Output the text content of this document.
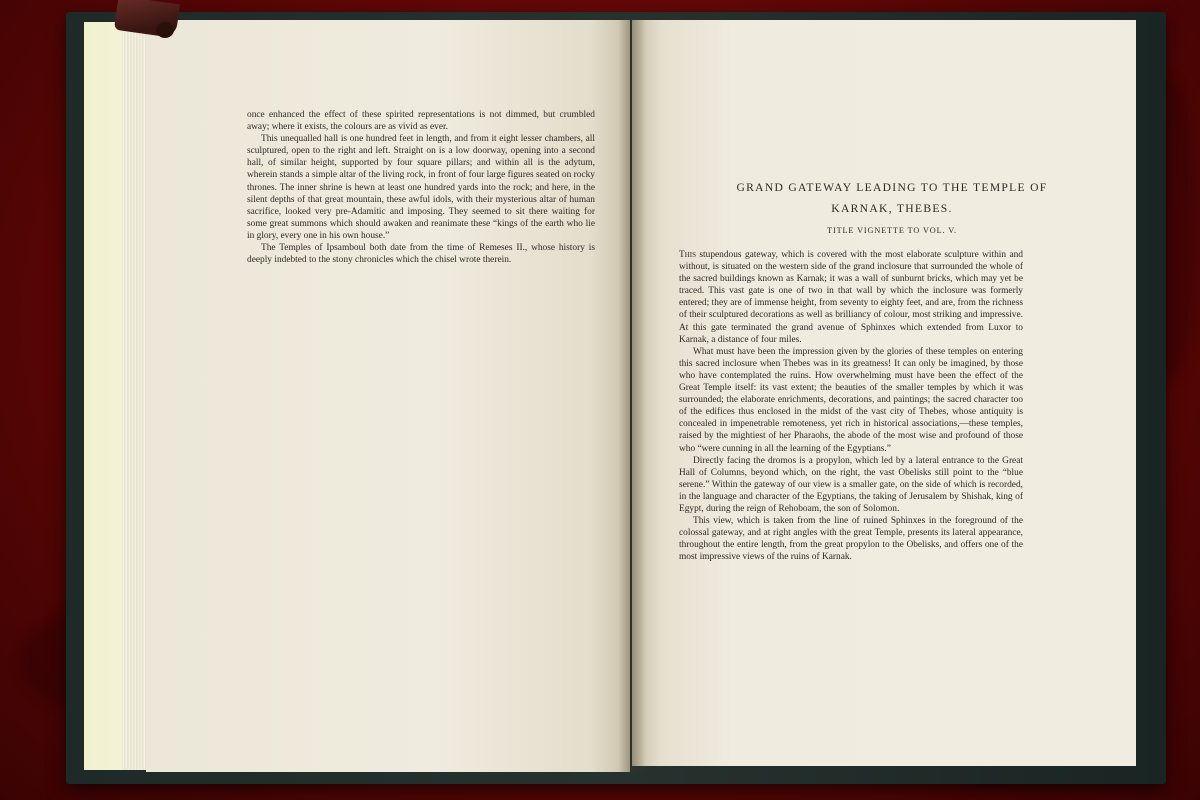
once enhanced the effect of these spirited representations is not dimmed, but crumbled away; where it exists, the colours are as vivid as ever.

This unequalled hall is one hundred feet in length, and from it eight lesser chambers, all sculptured, open to the right and left. Straight on is a low doorway, opening into a second hall, of similar height, supported by four square pillars; and within all is the adytum, wherein stands a simple altar of the living rock, in front of four large figures seated on rocky thrones. The inner shrine is hewn at least one hundred yards into the rock; and here, in the silent depths of that great mountain, these awful idols, with their mysterious altar of human sacrifice, looked very pre-Adamitic and imposing. They seemed to sit there waiting for some great summons which should awaken and reanimate these “kings of the earth who lie in glory, every one in his own house.”

The Temples of Ipsamboul both date from the time of Remeses II., whose history is deeply indebted to the stony chronicles which the chisel wrote therein.

GRAND GATEWAY LEADING TO THE TEMPLE OF
KARNAK, THEBES.
TITLE VIGNETTE TO VOL. V.

This stupendous gateway, which is covered with the most elaborate sculpture within and without, is situated on the western side of the grand inclosure that surrounded the whole of the sacred buildings known as Karnak; it was a wall of sunburnt bricks, which may yet be traced. This vast gate is one of two in that wall by which the inclosure was formerly entered; they are of immense height, from seventy to eighty feet, and are, from the richness of their sculptured decorations as well as brilliancy of colour, most striking and impressive. At this gate terminated the grand avenue of Sphinxes which extended from Luxor to Karnak, a distance of four miles.

What must have been the impression given by the glories of these temples on entering this sacred inclosure when Thebes was in its greatness! It can only be imagined, by those who have contemplated the ruins. How overwhelming must have been the effect of the Great Temple itself: its vast extent; the beauties of the smaller temples by which it was surrounded; the elaborate enrichments, decorations, and paintings; the sacred character too of the edifices thus enclosed in the midst of the vast city of Thebes, whose antiquity is concealed in impenetrable remoteness, yet rich in historical associations,—these temples, raised by the mightiest of her Pharaohs, the abode of the most wise and profound of those who “were cunning in all the learning of the Egyptians.”

Directly facing the dromos is a propylon, which led by a lateral entrance to the Great Hall of Columns, beyond which, on the right, the vast Obelisks still point to the “blue serene.” Within the gateway of our view is a smaller gate, on the side of which is recorded, in the language and character of the Egyptians, the taking of Jerusalem by Shishak, king of Egypt, during the reign of Rehoboam, the son of Solomon.

This view, which is taken from the line of ruined Sphinxes in the foreground of the colossal gateway, and at right angles with the great Temple, presents its lateral appearance, throughout the entire length, from the great propylon to the Obelisks, and offers one of the most impressive views of the ruins of Karnak.
